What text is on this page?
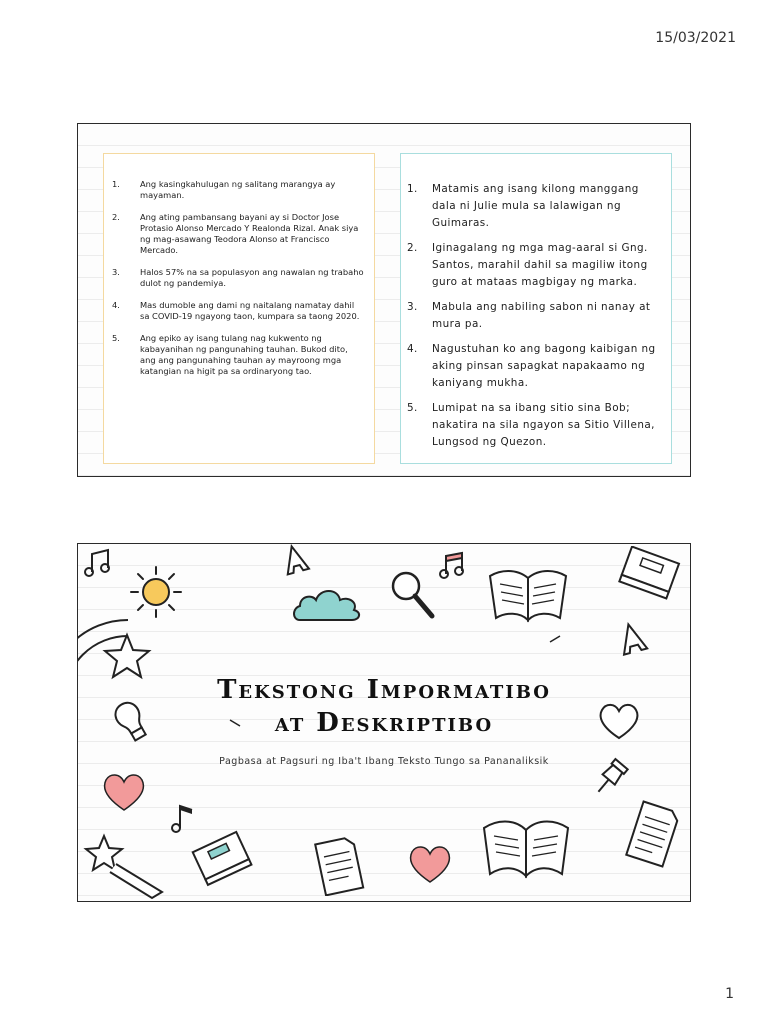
15/03/2021
1. Ang kasingkahulugan ng salitang marangya ay mayaman.
2. Ang ating pambansang bayani ay si Doctor Jose Protasio Alonso Mercado Y Realonda Rizal. Anak siya ng mag-asawang Teodora Alonso at Francisco Mercado.
3. Halos 57% na sa populasyon ang nawalan ng trabaho dulot ng pandemiya.
4. Mas dumoble ang dami ng naitalang namatay dahil sa COVID-19 ngayong taon, kumpara sa taong 2020.
5. Ang epiko ay isang tulang nag kukwento ng kabayanihan ng pangunahing tauhan. Bukod dito, ang ang pangunahing tauhan ay mayroong mga katangian na higit pa sa ordinaryong tao.
1. Matamis ang isang kilong manggang dala ni Julie mula sa lalawigan ng Guimaras.
2. Iginagalang ng mga mag-aaral si Gng. Santos, marahil dahil sa magiliw itong guro at mataas magbigay ng marka.
3. Mabula ang nabiling sabon ni nanay at mura pa.
4. Nagustuhan ko ang bagong kaibigan ng aking pinsan sapagkat napakaamo ng kaniyang mukha.
5. Lumipat na sa ibang sitio sina Bob; nakatira na sila ngayon sa Sitio Villena, Lungsod ng Quezon.
Tekstong Impormatibo
at Deskriptibo
Pagbasa at Pagsuri ng Iba't Ibang Teksto Tungo sa Pananaliksik
1
